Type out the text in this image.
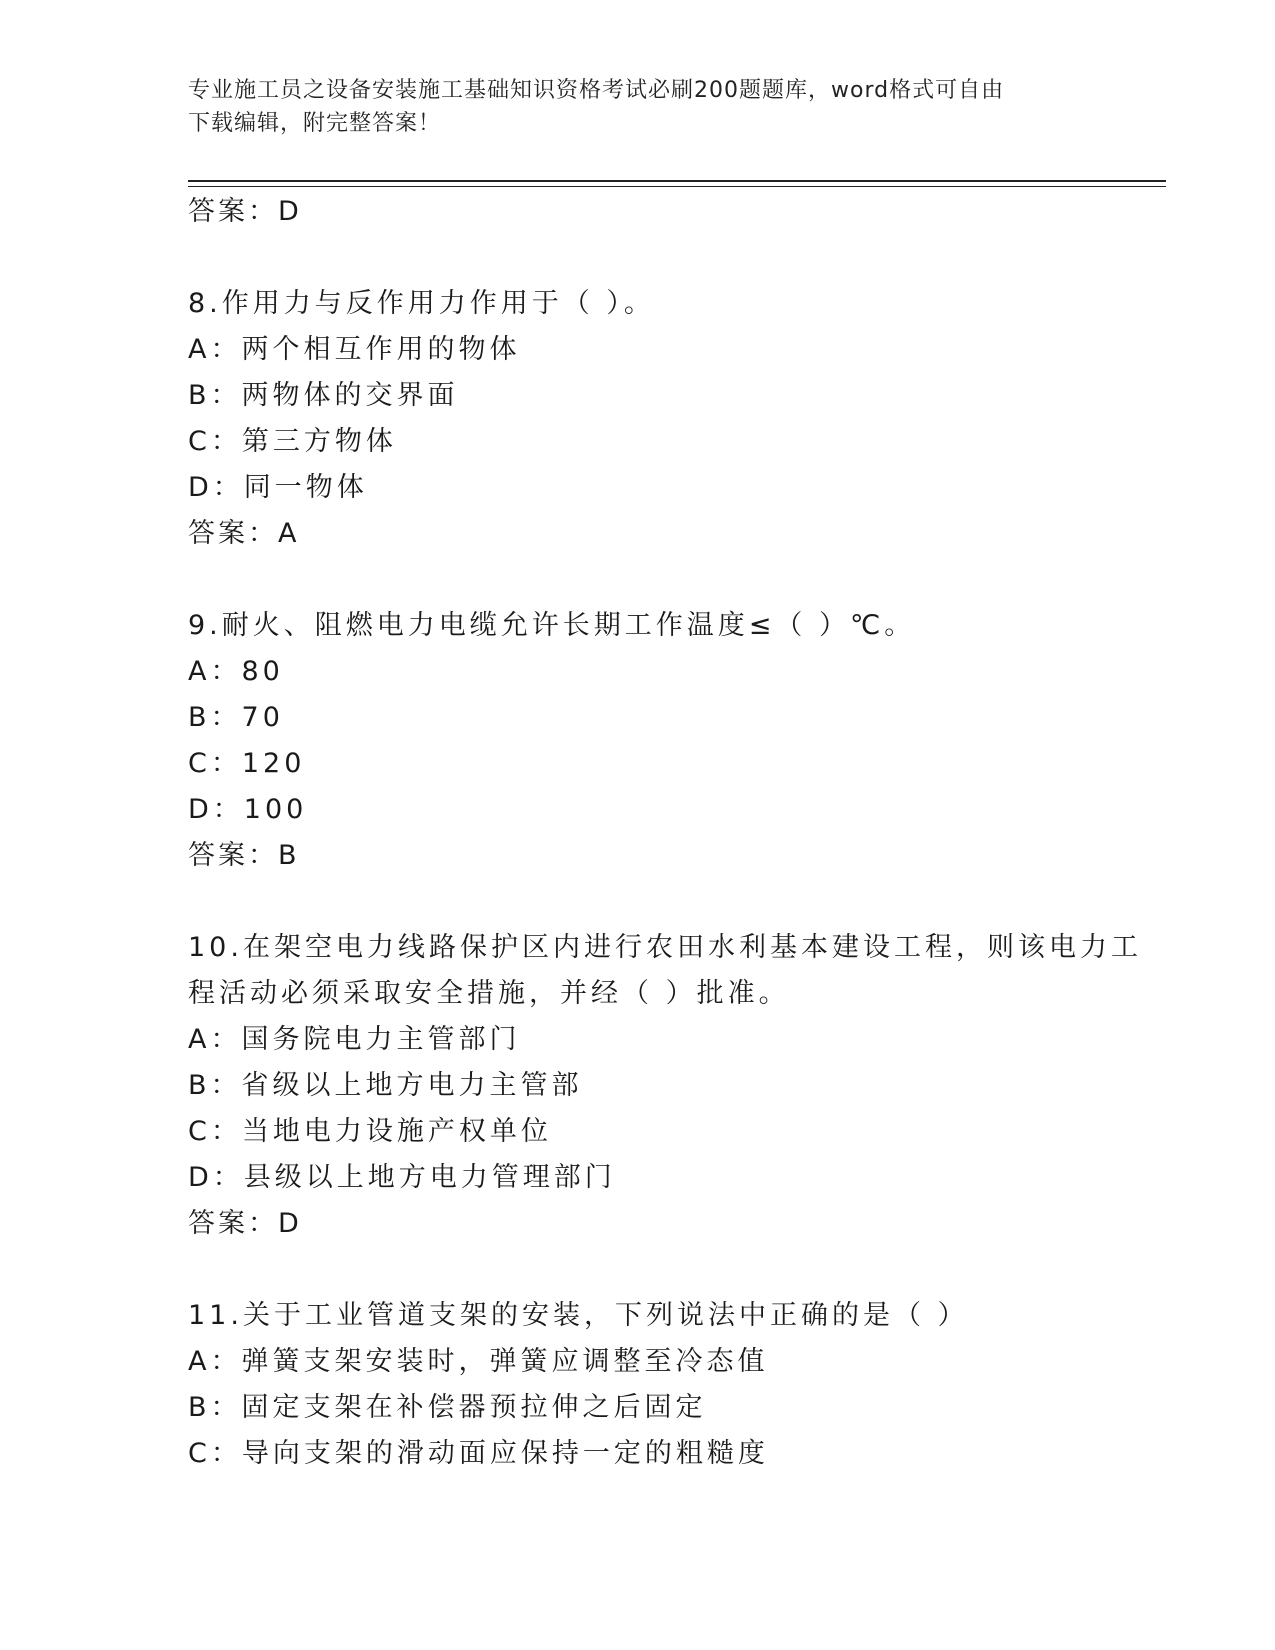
专业施工员之设备安装施工基础知识资格考试必刷200题题库，word格式可自由
下载编辑，附完整答案！
答案：D
8.作用力与反作用力作用于（ ）。
A：两个相互作用的物体
B：两物体的交界面
C：第三方物体
D：同一物体
答案：A
9.耐火、阻燃电力电缆允许长期工作温度≤（ ）℃。
A：80
B：70
C：120
D：100
答案：B
10.在架空电力线路保护区内进行农田水利基本建设工程，则该电力工
程活动必须采取安全措施，并经（ ）批准。
A：国务院电力主管部门
B：省级以上地方电力主管部
C：当地电力设施产权单位
D：县级以上地方电力管理部门
答案：D
11.关于工业管道支架的安装，下列说法中正确的是（ ）
A：弹簧支架安装时，弹簧应调整至冷态值
B：固定支架在补偿器预拉伸之后固定
C：导向支架的滑动面应保持一定的粗糙度
